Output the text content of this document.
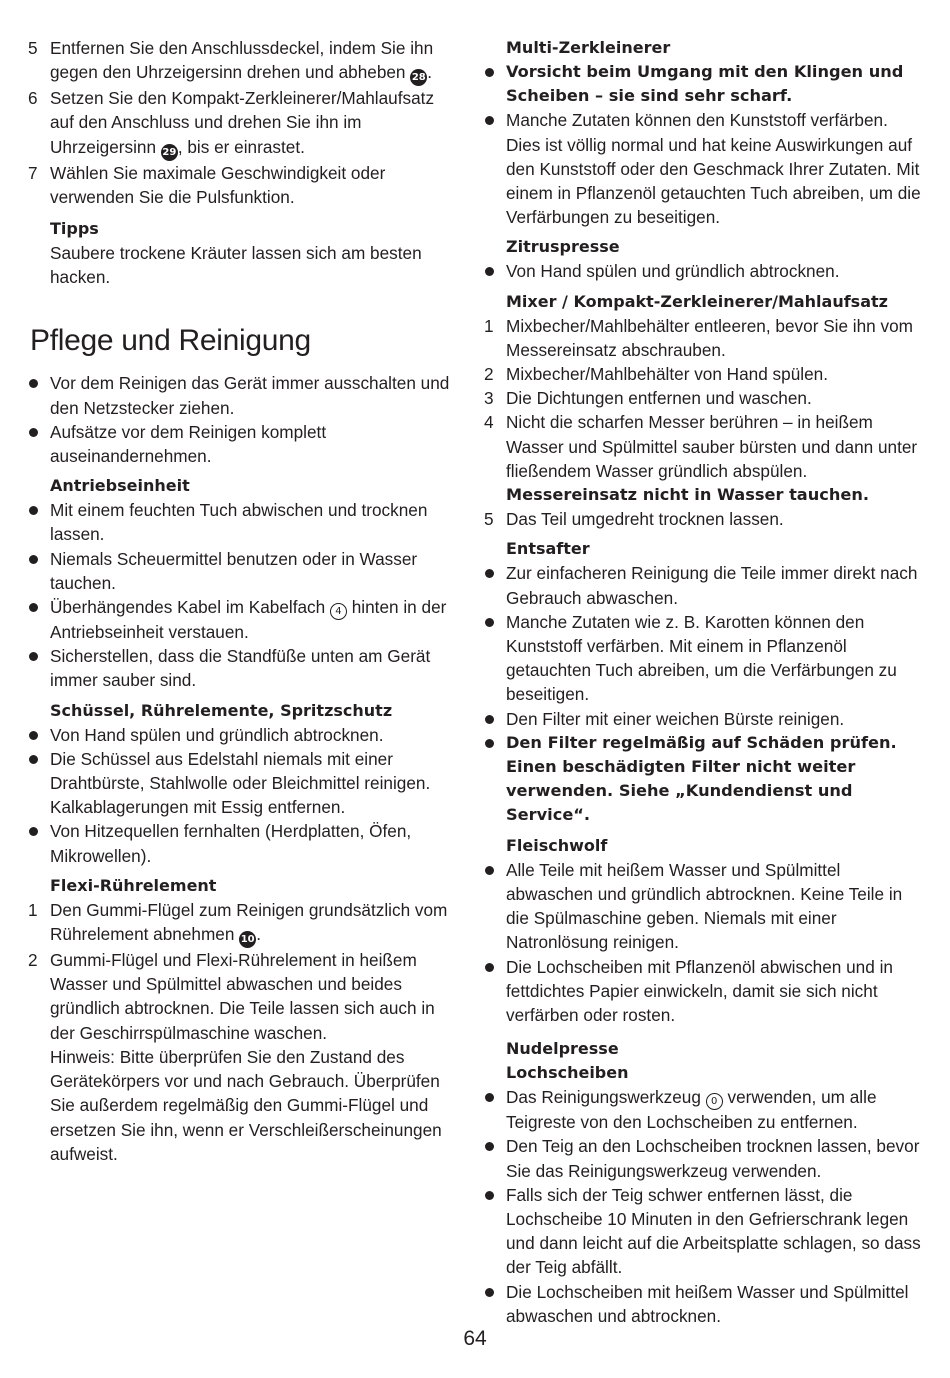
5 Entfernen Sie den Anschlussdeckel, indem Sie ihn gegen den Uhrzeigersinn drehen und abheben 28.
6 Setzen Sie den Kompakt-Zerkleinerer/Mahlaufsatz auf den Anschluss und drehen Sie ihn im Uhrzeigersinn 29, bis er einrastet.
7 Wählen Sie maximale Geschwindigkeit oder verwenden Sie die Pulsfunktion.
Tipps
Saubere trockene Kräuter lassen sich am besten hacken.
Pflege und Reinigung
Vor dem Reinigen das Gerät immer ausschalten und den Netzstecker ziehen.
Aufsätze vor dem Reinigen komplett auseinandernehmen.
Antriebseinheit
Mit einem feuchten Tuch abwischen und trocknen lassen.
Niemals Scheuermittel benutzen oder in Wasser tauchen.
Überhängendes Kabel im Kabelfach 4 hinten in der Antriebseinheit verstauen.
Sicherstellen, dass die Standfüße unten am Gerät immer sauber sind.
Schüssel, Rührelemente, Spritzschutz
Von Hand spülen und gründlich abtrocknen.
Die Schüssel aus Edelstahl niemals mit einer Drahtbürste, Stahlwolle oder Bleichmittel reinigen. Kalkablagerungen mit Essig entfernen.
Von Hitzequellen fernhalten (Herdplatten, Öfen, Mikrowellen).
Flexi-Rührelement
1 Den Gummi-Flügel zum Reinigen grundsätzlich vom Rührelement abnehmen 10.
2 Gummi-Flügel und Flexi-Rührelement in heißem Wasser und Spülmittel abwaschen und beides gründlich abtrocknen. Die Teile lassen sich auch in der Geschirrspülmaschine waschen.
Hinweis: Bitte überprüfen Sie den Zustand des Gerätekörpers vor und nach Gebrauch. Überprüfen Sie außerdem regelmäßig den Gummi-Flügel und ersetzen Sie ihn, wenn er Verschleißerscheinungen aufweist.
Multi-Zerkleinerer
Vorsicht beim Umgang mit den Klingen und Scheiben – sie sind sehr scharf.
Manche Zutaten können den Kunststoff verfärben. Dies ist völlig normal und hat keine Auswirkungen auf den Kunststoff oder den Geschmack Ihrer Zutaten. Mit einem in Pflanzenöl getauchten Tuch abreiben, um die Verfärbungen zu beseitigen.
Zitruspresse
Von Hand spülen und gründlich abtrocknen.
Mixer / Kompakt-Zerkleinerer/Mahlaufsatz
1 Mixbecher/Mahlbehälter entleeren, bevor Sie ihn vom Messereinsatz abschrauben.
2 Mixbecher/Mahlbehälter von Hand spülen.
3 Die Dichtungen entfernen und waschen.
4 Nicht die scharfen Messer berühren – in heißem Wasser und Spülmittel sauber bürsten und dann unter fließendem Wasser gründlich abspülen.
Messereinsatz nicht in Wasser tauchen.
5 Das Teil umgedreht trocknen lassen.
Entsafter
Zur einfacheren Reinigung die Teile immer direkt nach Gebrauch abwaschen.
Manche Zutaten wie z. B. Karotten können den Kunststoff verfärben. Mit einem in Pflanzenöl getauchten Tuch abreiben, um die Verfärbungen zu beseitigen.
Den Filter mit einer weichen Bürste reinigen.
Den Filter regelmäßig auf Schäden prüfen. Einen beschädigten Filter nicht weiter verwenden. Siehe „Kundendienst und Service“.
Fleischwolf
Alle Teile mit heißem Wasser und Spülmittel abwaschen und gründlich abtrocknen. Keine Teile in die Spülmaschine geben. Niemals mit einer Natronlösung reinigen.
Die Lochscheiben mit Pflanzenöl abwischen und in fettdichtes Papier einwickeln, damit sie sich nicht verfärben oder rosten.
Nudelpresse
Lochscheiben
Das Reinigungswerkzeug 0 verwenden, um alle Teigreste von den Lochscheiben zu entfernen.
Den Teig an den Lochscheiben trocknen lassen, bevor Sie das Reinigungswerkzeug verwenden.
Falls sich der Teig schwer entfernen lässt, die Lochscheibe 10 Minuten in den Gefrierschrank legen und dann leicht auf die Arbeitsplatte schlagen, so dass der Teig abfällt.
Die Lochscheiben mit heißem Wasser und Spülmittel abwaschen und abtrocknen.
64
